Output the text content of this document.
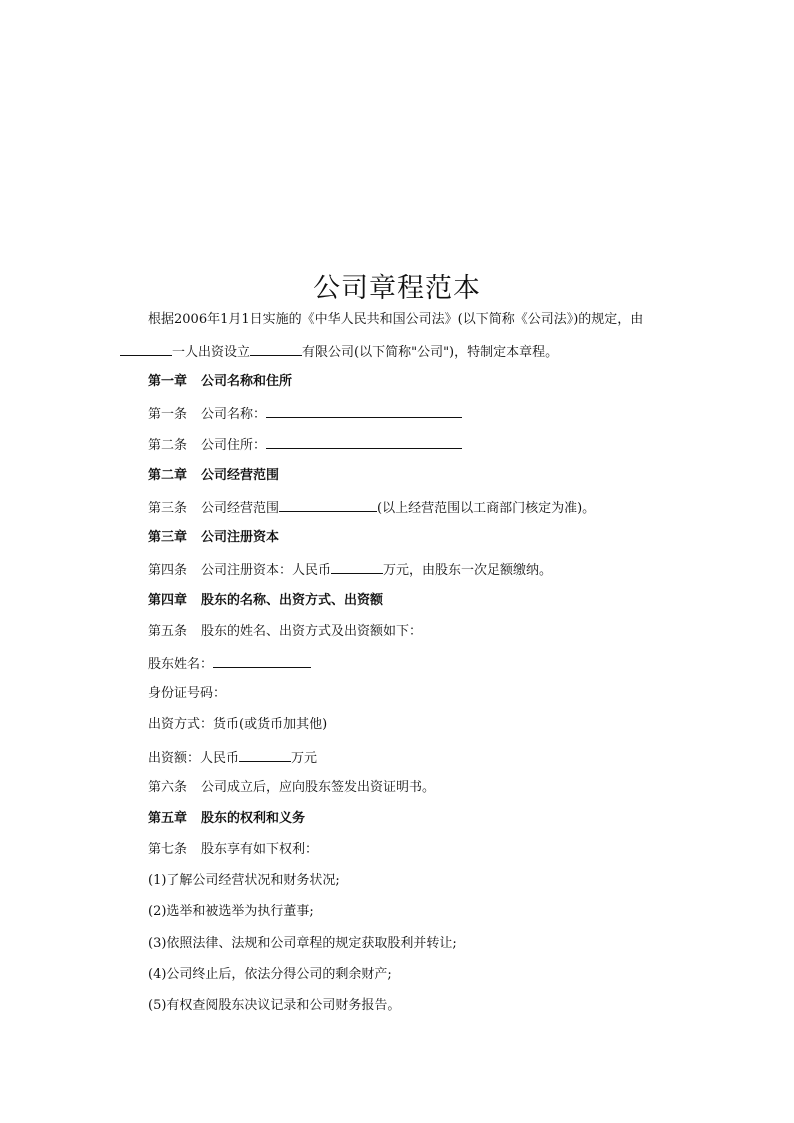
公司章程范本
根据2006年1月1日实施的《中华人民共和国公司法》(以下简称《公司法》)的规定，由
一人出资设立	有限公司(以下简称"公司")，特制定本章程。
第一章 公司名称和住所
第一条 公司名称：
第二条 公司住所：
第二章 公司经营范围
第三条 公司经营范围	(以上经营范围以工商部门核定为准)。
第三章 公司注册资本
第四条 公司注册资本：人民币	万元，由股东一次足额缴纳。
第四章 股东的名称、出资方式、出资额
第五条 股东的姓名、出资方式及出资额如下：
股东姓名：
身份证号码：
出资方式：货币(或货币加其他)
出资额：人民币	万元
第六条 公司成立后，应向股东签发出资证明书。
第五章 股东的权利和义务
第七条 股东享有如下权利：
(1)了解公司经营状况和财务状况;
(2)选举和被选举为执行董事;
(3)依照法律、法规和公司章程的规定获取股利并转让;
(4)公司终止后，依法分得公司的剩余财产;
(5)有权查阅股东决议记录和公司财务报告。
